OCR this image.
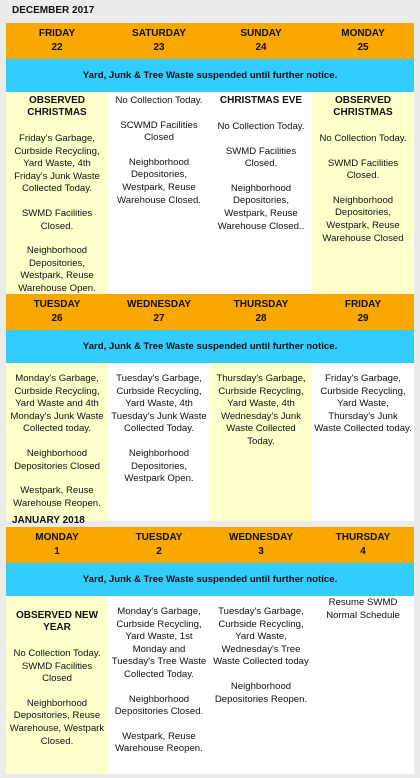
DECEMBER 2017
FRIDAY
22
SATURDAY
23
SUNDAY
24
MONDAY
25
Yard, Junk & Tree Waste suspended until further notice.
OBSERVED CHRISTMAS

Friday's Garbage, Curbside Recycling, Yard Waste, 4th Friday's Junk Waste Collected Today.

SWMD Facilities Closed.

Neighborhood Depositories, Westpark, Reuse Warehouse Open.

No Collection Today.

SCWMD Facilities Closed

Neighborhood Depositories, Westpark, Reuse Warehouse Closed.

CHRISTMAS EVE

No Collection Today.

SWMD Facilities Closed.

Neighborhood Depositories, Westpark, Reuse Warehouse Closed..

OBSERVED CHRISTMAS

No Collection Today.

SWMD Facilities Closed.

Neighborhood Depositories, Westpark, Reuse Warehouse Closed

TUESDAY
26
WEDNESDAY
27
THURSDAY
28
FRIDAY
29
Yard, Junk & Tree Waste suspended until further notice.

Monday's Garbage, Curbside Recycling, Yard Waste and 4th Monday's Junk Waste Collected today.

Neighborhood Depositories Closed

Westpark, Reuse Warehouse Reopen.

Tuesday's Garbage, Curbside Recycling, Yard Waste, 4th Tuesday's Junk Waste Collected Today.

Neighborhood Depositories, Westpark Open.

Thursday's Garbage, Curbside Recycling, Yard Waste, 4th Wednesday's Junk Waste Collected Today.

Friday's Garbage, Curbside Recycling, Yard Waste, Thursday's Junk Waste Collected today.

JANUARY 2018
MONDAY
1
TUESDAY
2
WEDNESDAY
3
THURSDAY
4
Yard, Junk & Tree Waste suspended until further notice.
OBSERVED NEW YEAR

No Collection Today. SWMD Facilities Closed

Neighborhood Depositories, Reuse Warehouse, Westpark Closed.

Monday's Garbage, Curbside Recycling, Yard Waste, 1st Monday and Tuesday's Tree Waste Collected Today.

Neighborhood Depositories Closed.

Westpark, Reuse Warehouse Reopen.

Tuesday's Garbage, Curbside Recycling, Yard Waste, Wednesday's Tree Waste Collected today

Neighborhood Depositories Reopen.

Resume SWMD Normal Schedule
